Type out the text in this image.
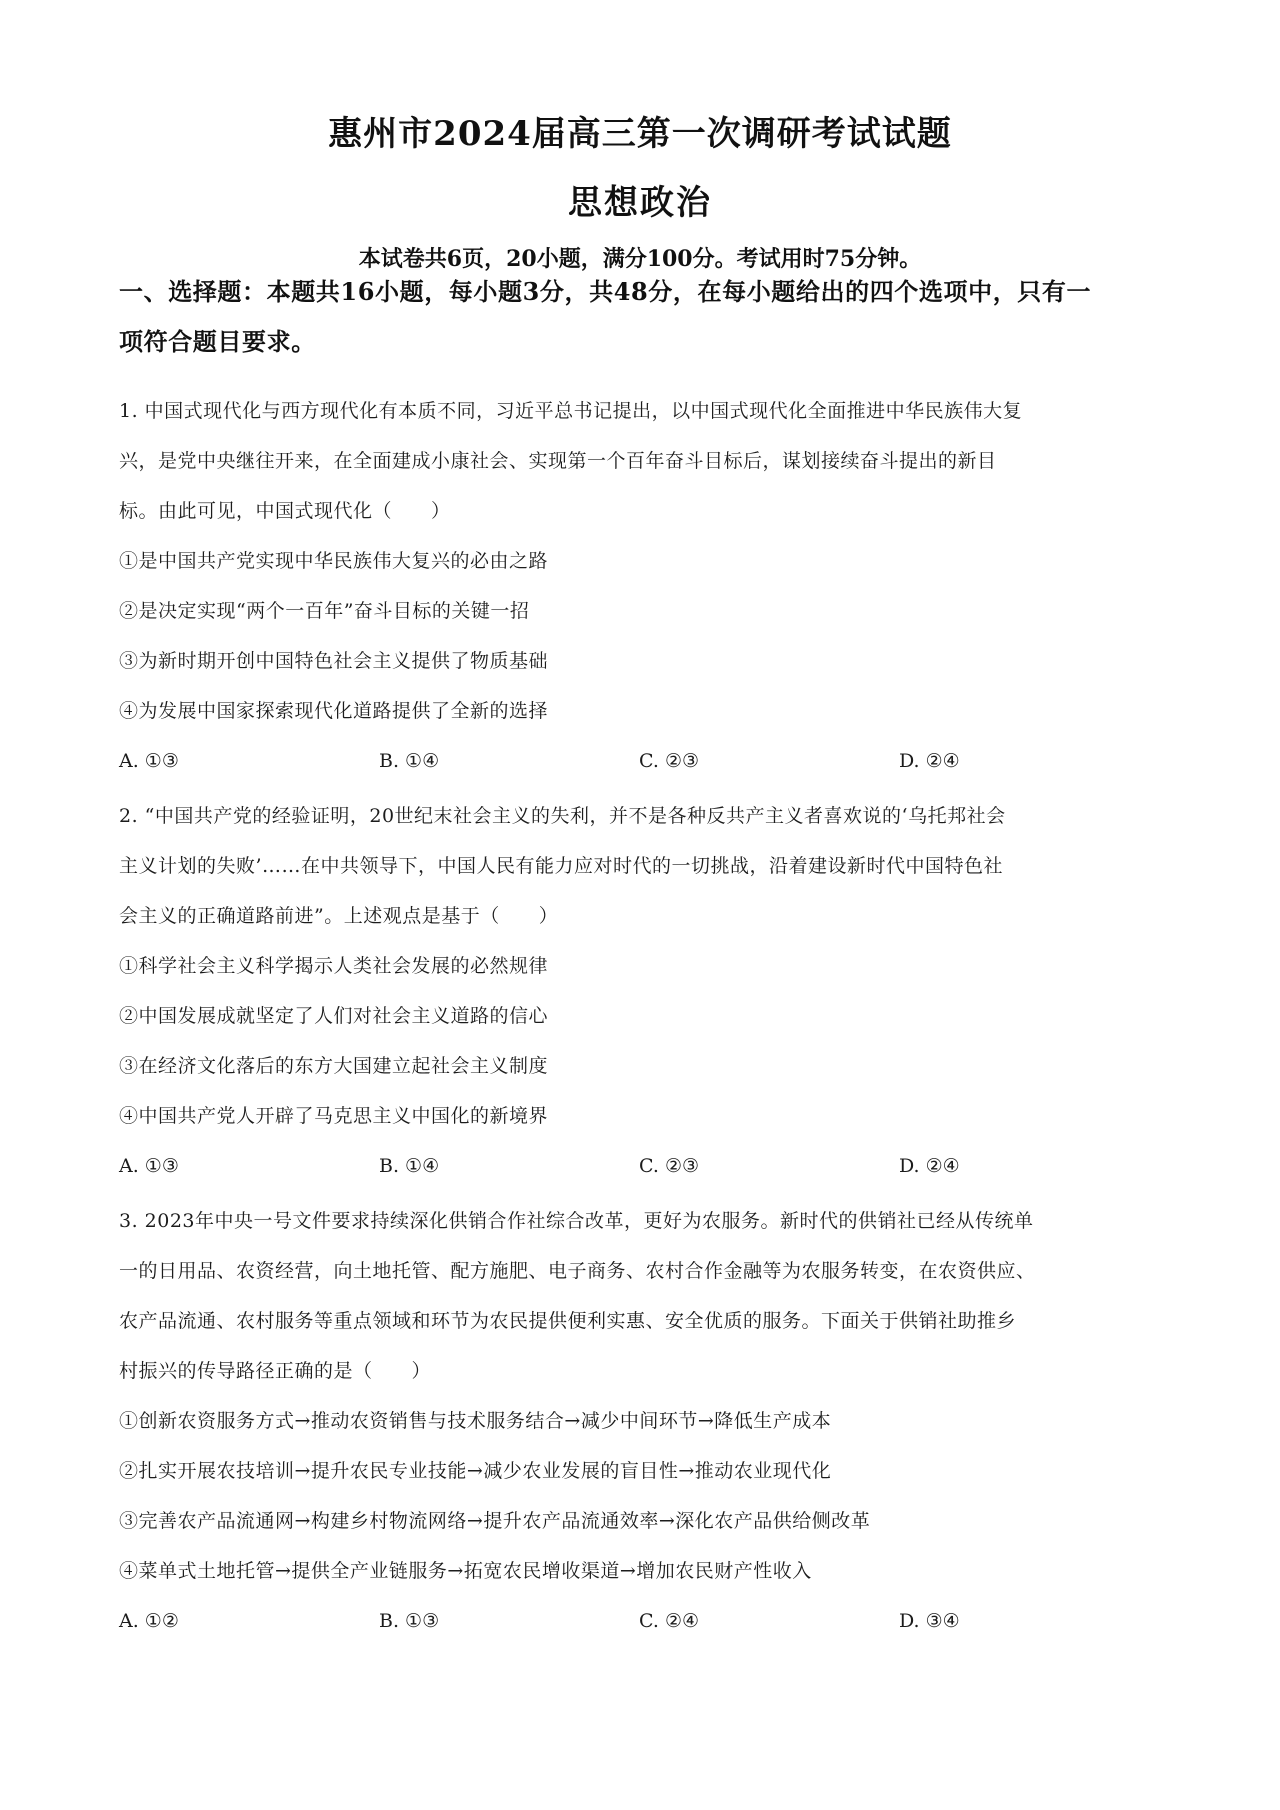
惠州市2024届高三第一次调研考试试题
思想政治
本试卷共6页，20小题，满分100分。考试用时75分钟。
一、选择题：本题共16小题，每小题3分，共48分，在每小题给出的四个选项中，只有一
项符合题目要求。
1. 中国式现代化与西方现代化有本质不同，习近平总书记提出，以中国式现代化全面推进中华民族伟大复
兴，是党中央继往开来，在全面建成小康社会、实现第一个百年奋斗目标后，谋划接续奋斗提出的新目
标。由此可见，中国式现代化（　　）
①是中国共产党实现中华民族伟大复兴的必由之路
②是决定实现“两个一百年”奋斗目标的关键一招
③为新时期开创中国特色社会主义提供了物质基础
④为发展中国家探索现代化道路提供了全新的选择
A. ①③	B. ①④	C. ②③	D. ②④
2. “中国共产党的经验证明，20世纪末社会主义的失利，并不是各种反共产主义者喜欢说的‘乌托邦社会
主义计划的失败’……在中共领导下，中国人民有能力应对时代的一切挑战，沿着建设新时代中国特色社
会主义的正确道路前进”。上述观点是基于（　　）
①科学社会主义科学揭示人类社会发展的必然规律
②中国发展成就坚定了人们对社会主义道路的信心
③在经济文化落后的东方大国建立起社会主义制度
④中国共产党人开辟了马克思主义中国化的新境界
A. ①③	B. ①④	C. ②③	D. ②④
3. 2023年中央一号文件要求持续深化供销合作社综合改革，更好为农服务。新时代的供销社已经从传统单
一的日用品、农资经营，向土地托管、配方施肥、电子商务、农村合作金融等为农服务转变，在农资供应、
农产品流通、农村服务等重点领域和环节为农民提供便利实惠、安全优质的服务。下面关于供销社助推乡
村振兴的传导路径正确的是（　　）
①创新农资服务方式→推动农资销售与技术服务结合→减少中间环节→降低生产成本
②扎实开展农技培训→提升农民专业技能→减少农业发展的盲目性→推动农业现代化
③完善农产品流通网→构建乡村物流网络→提升农产品流通效率→深化农产品供给侧改革
④菜单式土地托管→提供全产业链服务→拓宽农民增收渠道→增加农民财产性收入
A. ①②	B. ①③	C. ②④	D. ③④
